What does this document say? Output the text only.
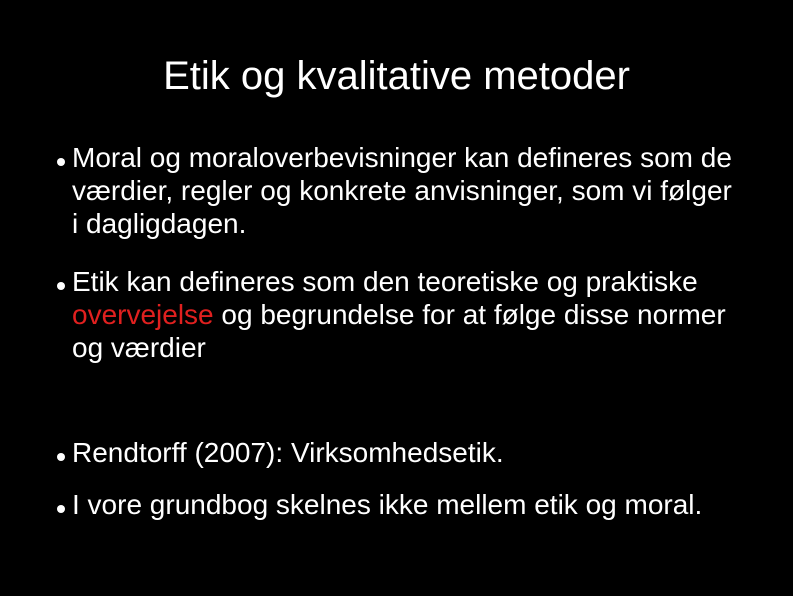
Etik og kvalitative metoder

Moral og moraloverbevisninger kan defineres som de værdier, regler og konkrete anvisninger, som vi følger i dagligdagen.

Etik kan defineres som den teoretiske og praktiske overvejelse og begrundelse for at følge disse normer og værdier

Rendtorff (2007): Virksomhedsetik.

I vore grundbog skelnes ikke mellem etik og moral.
